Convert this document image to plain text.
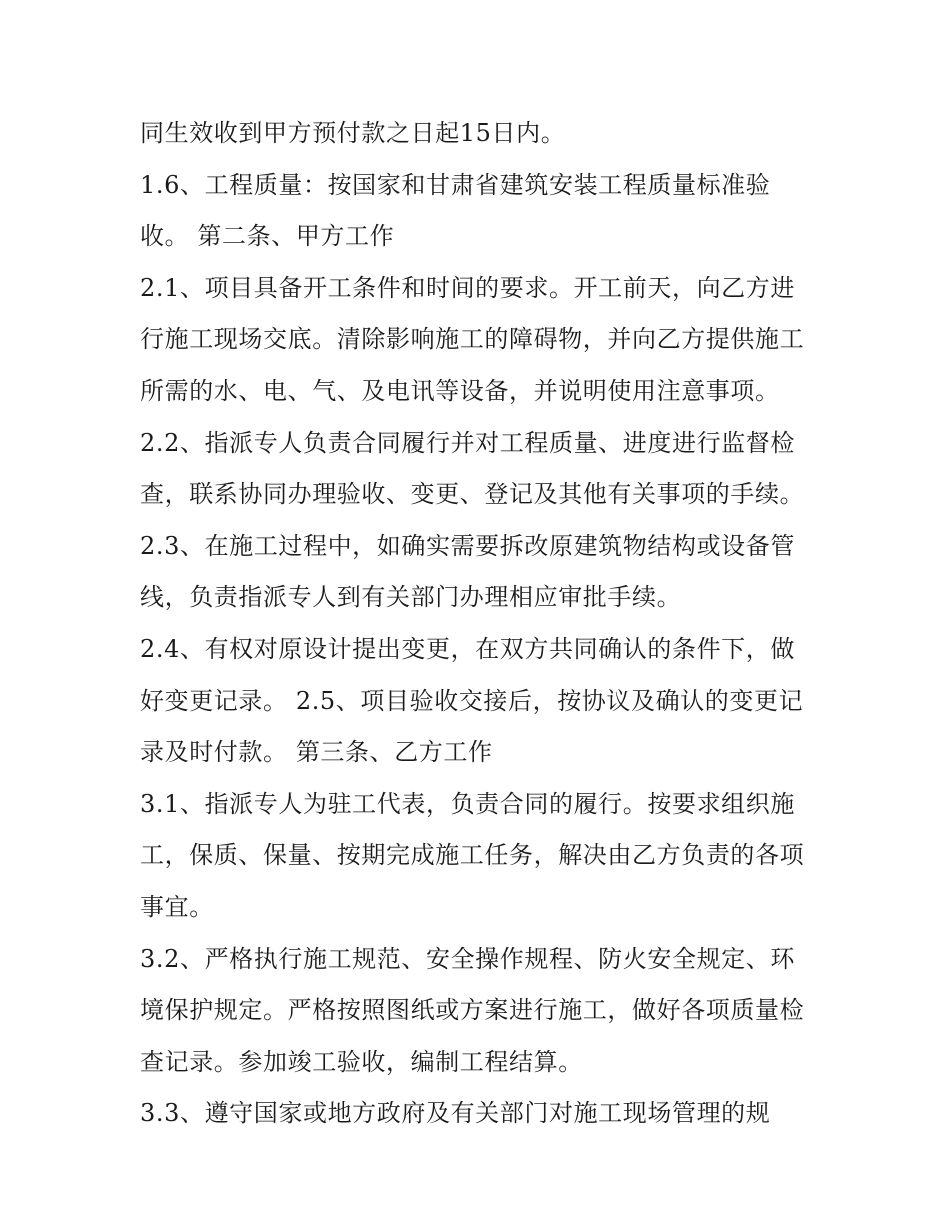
同生效收到甲方预付款之日起15日内。
1.6、工程质量：按国家和甘肃省建筑安装工程质量标准验
收。 第二条、甲方工作
2.1、项目具备开工条件和时间的要求。开工前天，向乙方进
行施工现场交底。清除影响施工的障碍物，并向乙方提供施工
所需的水、电、气、及电讯等设备，并说明使用注意事项。
2.2、指派专人负责合同履行并对工程质量、进度进行监督检
查，联系协同办理验收、变更、登记及其他有关事项的手续。
2.3、在施工过程中，如确实需要拆改原建筑物结构或设备管
线，负责指派专人到有关部门办理相应审批手续。
2.4、有权对原设计提出变更，在双方共同确认的条件下，做
好变更记录。 2.5、项目验收交接后，按协议及确认的变更记
录及时付款。 第三条、乙方工作
3.1、指派专人为驻工代表，负责合同的履行。按要求组织施
工，保质、保量、按期完成施工任务，解决由乙方负责的各项
事宜。
3.2、严格执行施工规范、安全操作规程、防火安全规定、环
境保护规定。严格按照图纸或方案进行施工，做好各项质量检
查记录。参加竣工验收，编制工程结算。
3.3、遵守国家或地方政府及有关部门对施工现场管理的规
